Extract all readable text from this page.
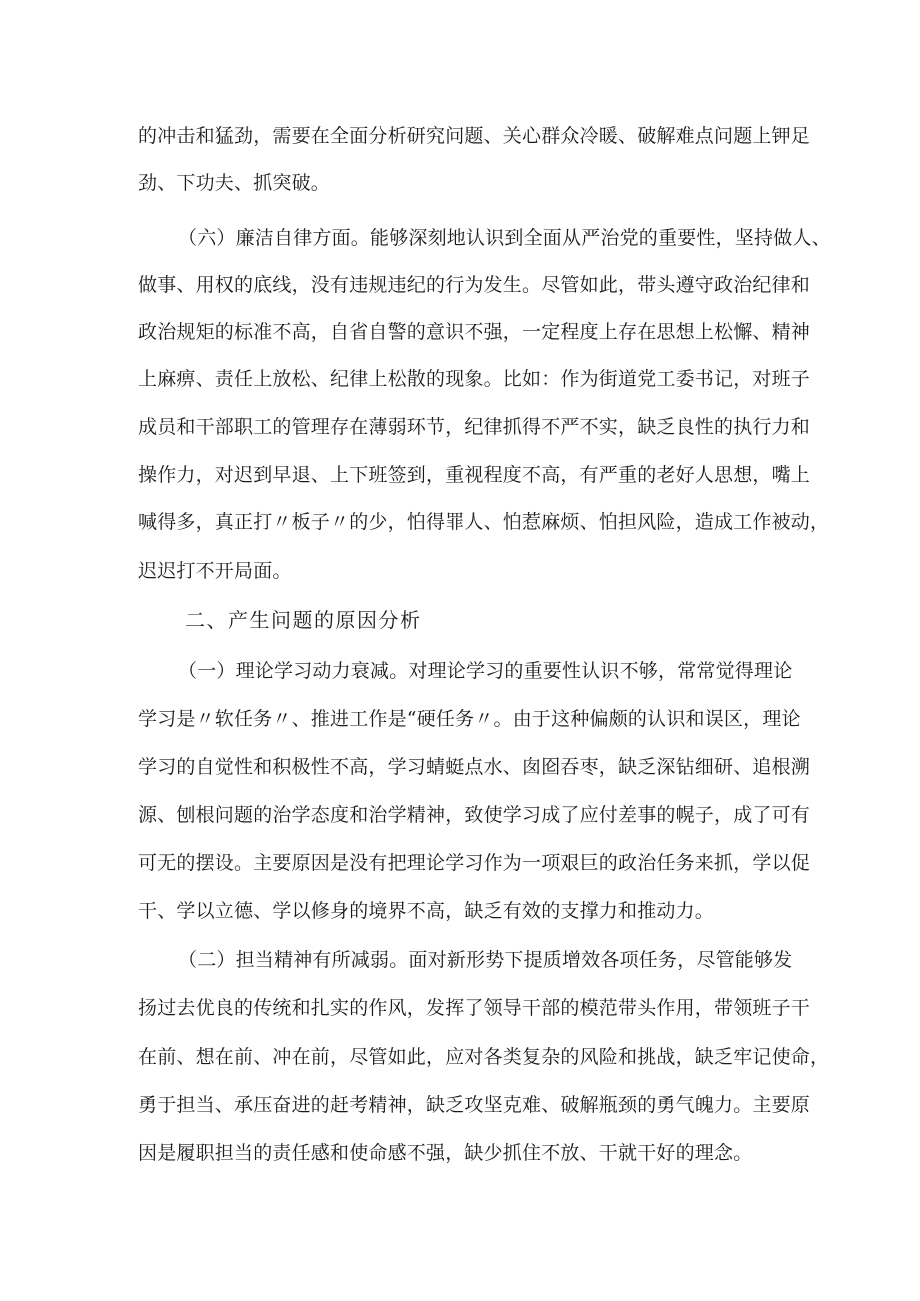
的冲击和猛劲，需要在全面分析研究问题、关心群众冷暖、破解难点问题上钾足
劲、下功夫、抓突破。
（六）廉洁自律方面。能够深刻地认识到全面从严治党的重要性，坚持做人、
做事、用权的底线，没有违规违纪的行为发生。尽管如此，带头遵守政治纪律和
政治规矩的标准不高，自省自警的意识不强，一定程度上存在思想上松懈、精神
上麻痹、责任上放松、纪律上松散的现象。比如：作为街道党工委书记，对班子
成员和干部职工的管理存在薄弱环节，纪律抓得不严不实，缺乏良性的执行力和
操作力，对迟到早退、上下班签到，重视程度不高，有严重的老好人思想，嘴上
喊得多，真正打〃板子〃的少，怕得罪人、怕惹麻烦、怕担风险，造成工作被动，
迟迟打不开局面。
二、产生问题的原因分析
（一）理论学习动力衰减。对理论学习的重要性认识不够，常常觉得理论
学习是〃软任务〃、推进工作是“硬任务〃。由于这种偏颇的认识和误区，理论
学习的自觉性和积极性不高，学习蜻蜓点水、囱囵吞枣，缺乏深钻细研、追根溯
源、刨根问题的治学态度和治学精神，致使学习成了应付差事的幌子，成了可有
可无的摆设。主要原因是没有把理论学习作为一项艰巨的政治任务来抓，学以促
干、学以立德、学以修身的境界不高，缺乏有效的支撑力和推动力。
（二）担当精神有所减弱。面对新形势下提质增效各项任务，尽管能够发
扬过去优良的传统和扎实的作风，发挥了领导干部的模范带头作用，带领班子干
在前、想在前、冲在前，尽管如此，应对各类复杂的风险和挑战，缺乏牢记使命，
勇于担当、承压奋进的赶考精神，缺乏攻坚克难、破解瓶颈的勇气魄力。主要原
因是履职担当的责任感和使命感不强，缺少抓住不放、干就干好的理念。
